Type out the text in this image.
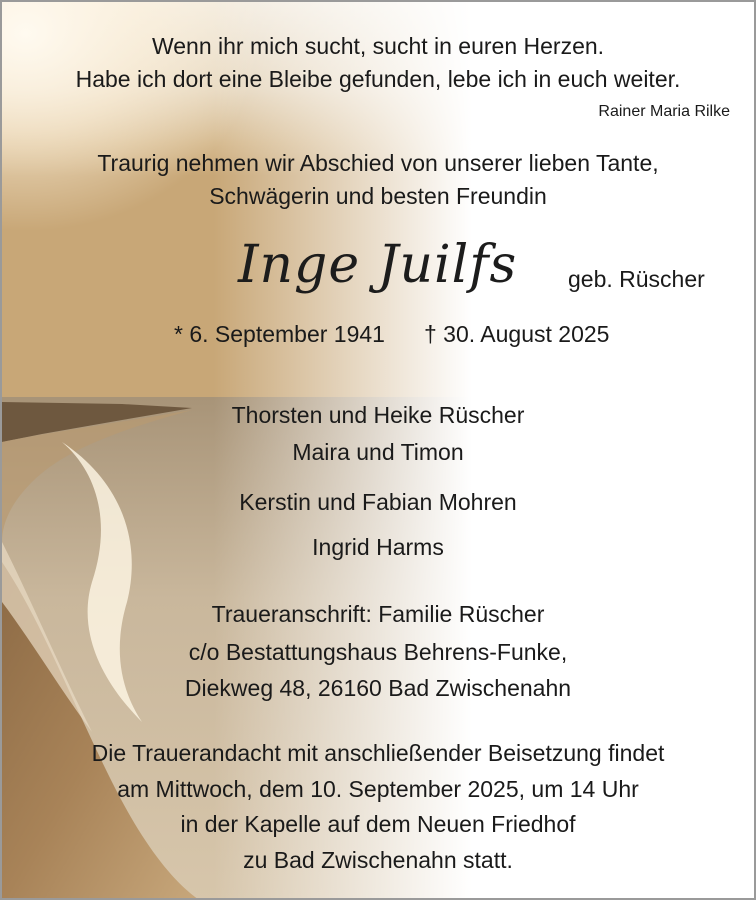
Wenn ihr mich sucht, sucht in euren Herzen.
Habe ich dort eine Bleibe gefunden, lebe ich in euch weiter.
Rainer Maria Rilke
Traurig nehmen wir Abschied von unserer lieben Tante,
Schwägerin und besten Freundin
Inge Juilfs geb. Rüscher
* 6. September 1941 † 30. August 2025
Thorsten und Heike Rüscher
Maira und Timon
Kerstin und Fabian Mohren
Ingrid Harms
Traueranschrift: Familie Rüscher
c/o Bestattungshaus Behrens-Funke,
Diekweg 48, 26160 Bad Zwischenahn
Die Trauerandacht mit anschließender Beisetzung findet
am Mittwoch, dem 10. September 2025, um 14 Uhr
in der Kapelle auf dem Neuen Friedhof
zu Bad Zwischenahn statt.
